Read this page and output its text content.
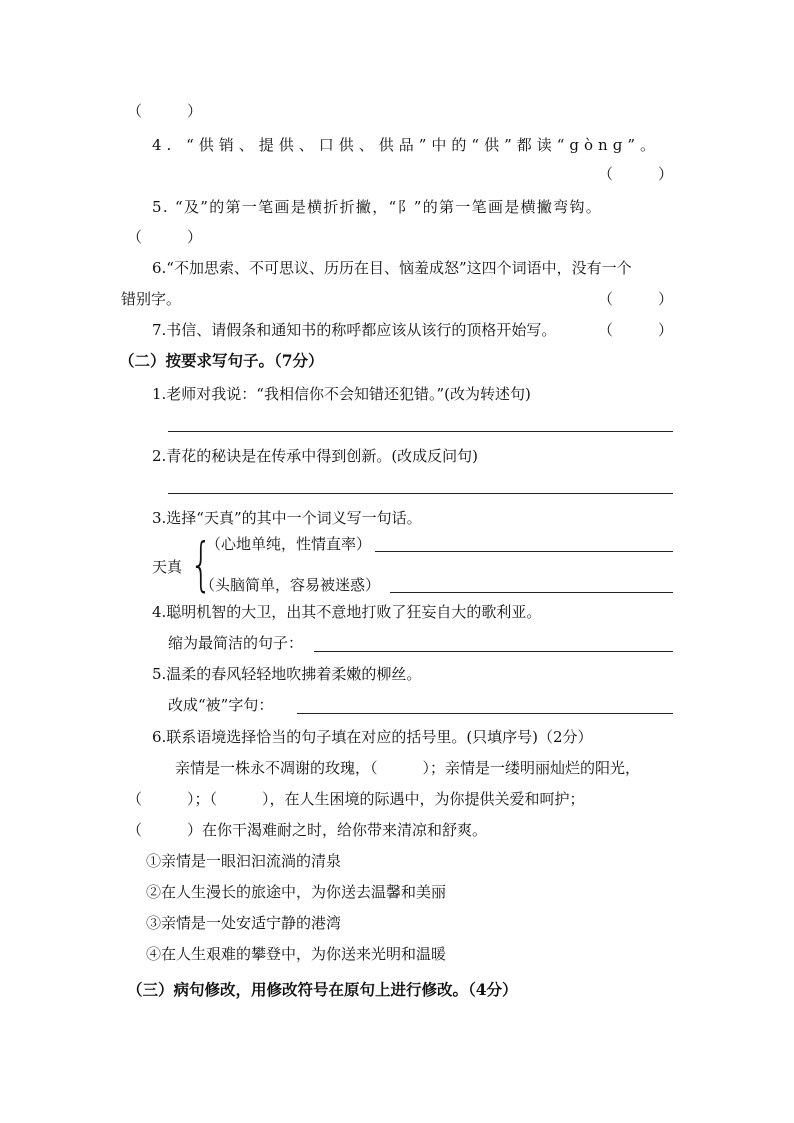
（　　　）
4. “供销、提供、口供、供品”中的“供”都读“gònɡ”。
（　　　）
5. “及”的第一笔画是横折折撇，“阝”的第一笔画是横撇弯钩。
（　　　）
6.“不加思索、不可思议、历历在目、恼羞成怒”这四个词语中，没有一个
错别字。	（　　　）
7.书信、请假条和通知书的称呼都应该从该行的顶格开始写。	（　　　）
（二）按要求写句子。（7分）
1.老师对我说：“我相信你不会知错还犯错。”(改为转述句)
2.青花的秘诀是在传承中得到创新。(改成反问句)
3.选择“天真”的其中一个词义写一句话。
天真 {
（心地单纯，性情直率）
（头脑简单，容易被迷惑）
4.聪明机智的大卫，出其不意地打败了狂妄自大的歌利亚。
缩为最简洁的句子：
5.温柔的春风轻轻地吹拂着柔嫩的柳丝。
改成“被”字句：
6.联系语境选择恰当的句子填在对应的括号里。(只填序号)（2分）
亲情是一株永不凋谢的玫瑰，（　　　）；亲情是一缕明丽灿烂的阳光，
（　　　）；（　　　），在人生困境的际遇中，为你提供关爱和呵护；
（　　　）在你干渴难耐之时，给你带来清凉和舒爽。
①亲情是一眼汩汩流淌的清泉
②在人生漫长的旅途中，为你送去温馨和美丽
③亲情是一处安适宁静的港湾
④在人生艰难的攀登中，为你送来光明和温暖
（三）病句修改，用修改符号在原句上进行修改。（4分）
